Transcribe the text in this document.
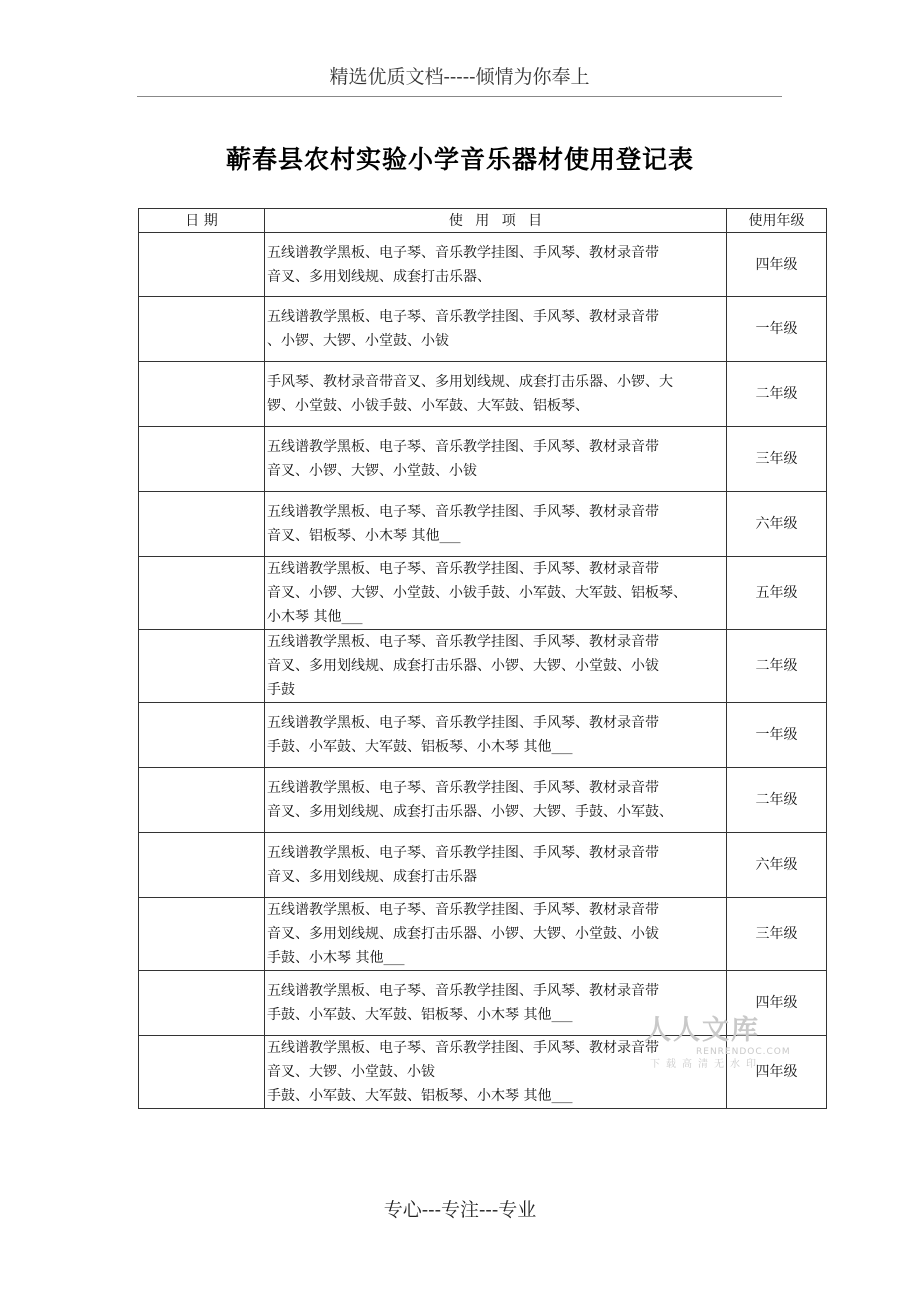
精选优质文档-----倾情为你奉上
蕲春县农村实验小学音乐器材使用登记表
日 期	使 用 项 目	使用年级

	五线谱教学黑板、电子琴、音乐教学挂图、手风琴、教材录音带
音叉、多用划线规、成套打击乐器、	四年级

	五线谱教学黑板、电子琴、音乐教学挂图、手风琴、教材录音带
、小锣、大锣、小堂鼓、小钹	一年级

	手风琴、教材录音带音叉、多用划线规、成套打击乐器、小锣、大
锣、小堂鼓、小钹手鼓、小军鼓、大军鼓、铝板琴、	二年级

	五线谱教学黑板、电子琴、音乐教学挂图、手风琴、教材录音带
音叉、小锣、大锣、小堂鼓、小钹	三年级

	五线谱教学黑板、电子琴、音乐教学挂图、手风琴、教材录音带
音叉、铝板琴、小木琴 其他___	六年级

	五线谱教学黑板、电子琴、音乐教学挂图、手风琴、教材录音带
音叉、小锣、大锣、小堂鼓、小钹手鼓、小军鼓、大军鼓、铝板琴、
小木琴 其他___	五年级

	五线谱教学黑板、电子琴、音乐教学挂图、手风琴、教材录音带
音叉、多用划线规、成套打击乐器、小锣、大锣、小堂鼓、小钹
手鼓	二年级

	五线谱教学黑板、电子琴、音乐教学挂图、手风琴、教材录音带
手鼓、小军鼓、大军鼓、铝板琴、小木琴 其他___	一年级

	五线谱教学黑板、电子琴、音乐教学挂图、手风琴、教材录音带
音叉、多用划线规、成套打击乐器、小锣、大锣、手鼓、小军鼓、	二年级

	五线谱教学黑板、电子琴、音乐教学挂图、手风琴、教材录音带
音叉、多用划线规、成套打击乐器	六年级

	五线谱教学黑板、电子琴、音乐教学挂图、手风琴、教材录音带
音叉、多用划线规、成套打击乐器、小锣、大锣、小堂鼓、小钹
手鼓、小木琴 其他___	三年级

	五线谱教学黑板、电子琴、音乐教学挂图、手风琴、教材录音带
手鼓、小军鼓、大军鼓、铝板琴、小木琴 其他___	四年级

	五线谱教学黑板、电子琴、音乐教学挂图、手风琴、教材录音带
音叉、大锣、小堂鼓、小钹
手鼓、小军鼓、大军鼓、铝板琴、小木琴 其他___	四年级
人人文库
RENRENDOC.COM
下载高清无水印
专心---专注---专业
